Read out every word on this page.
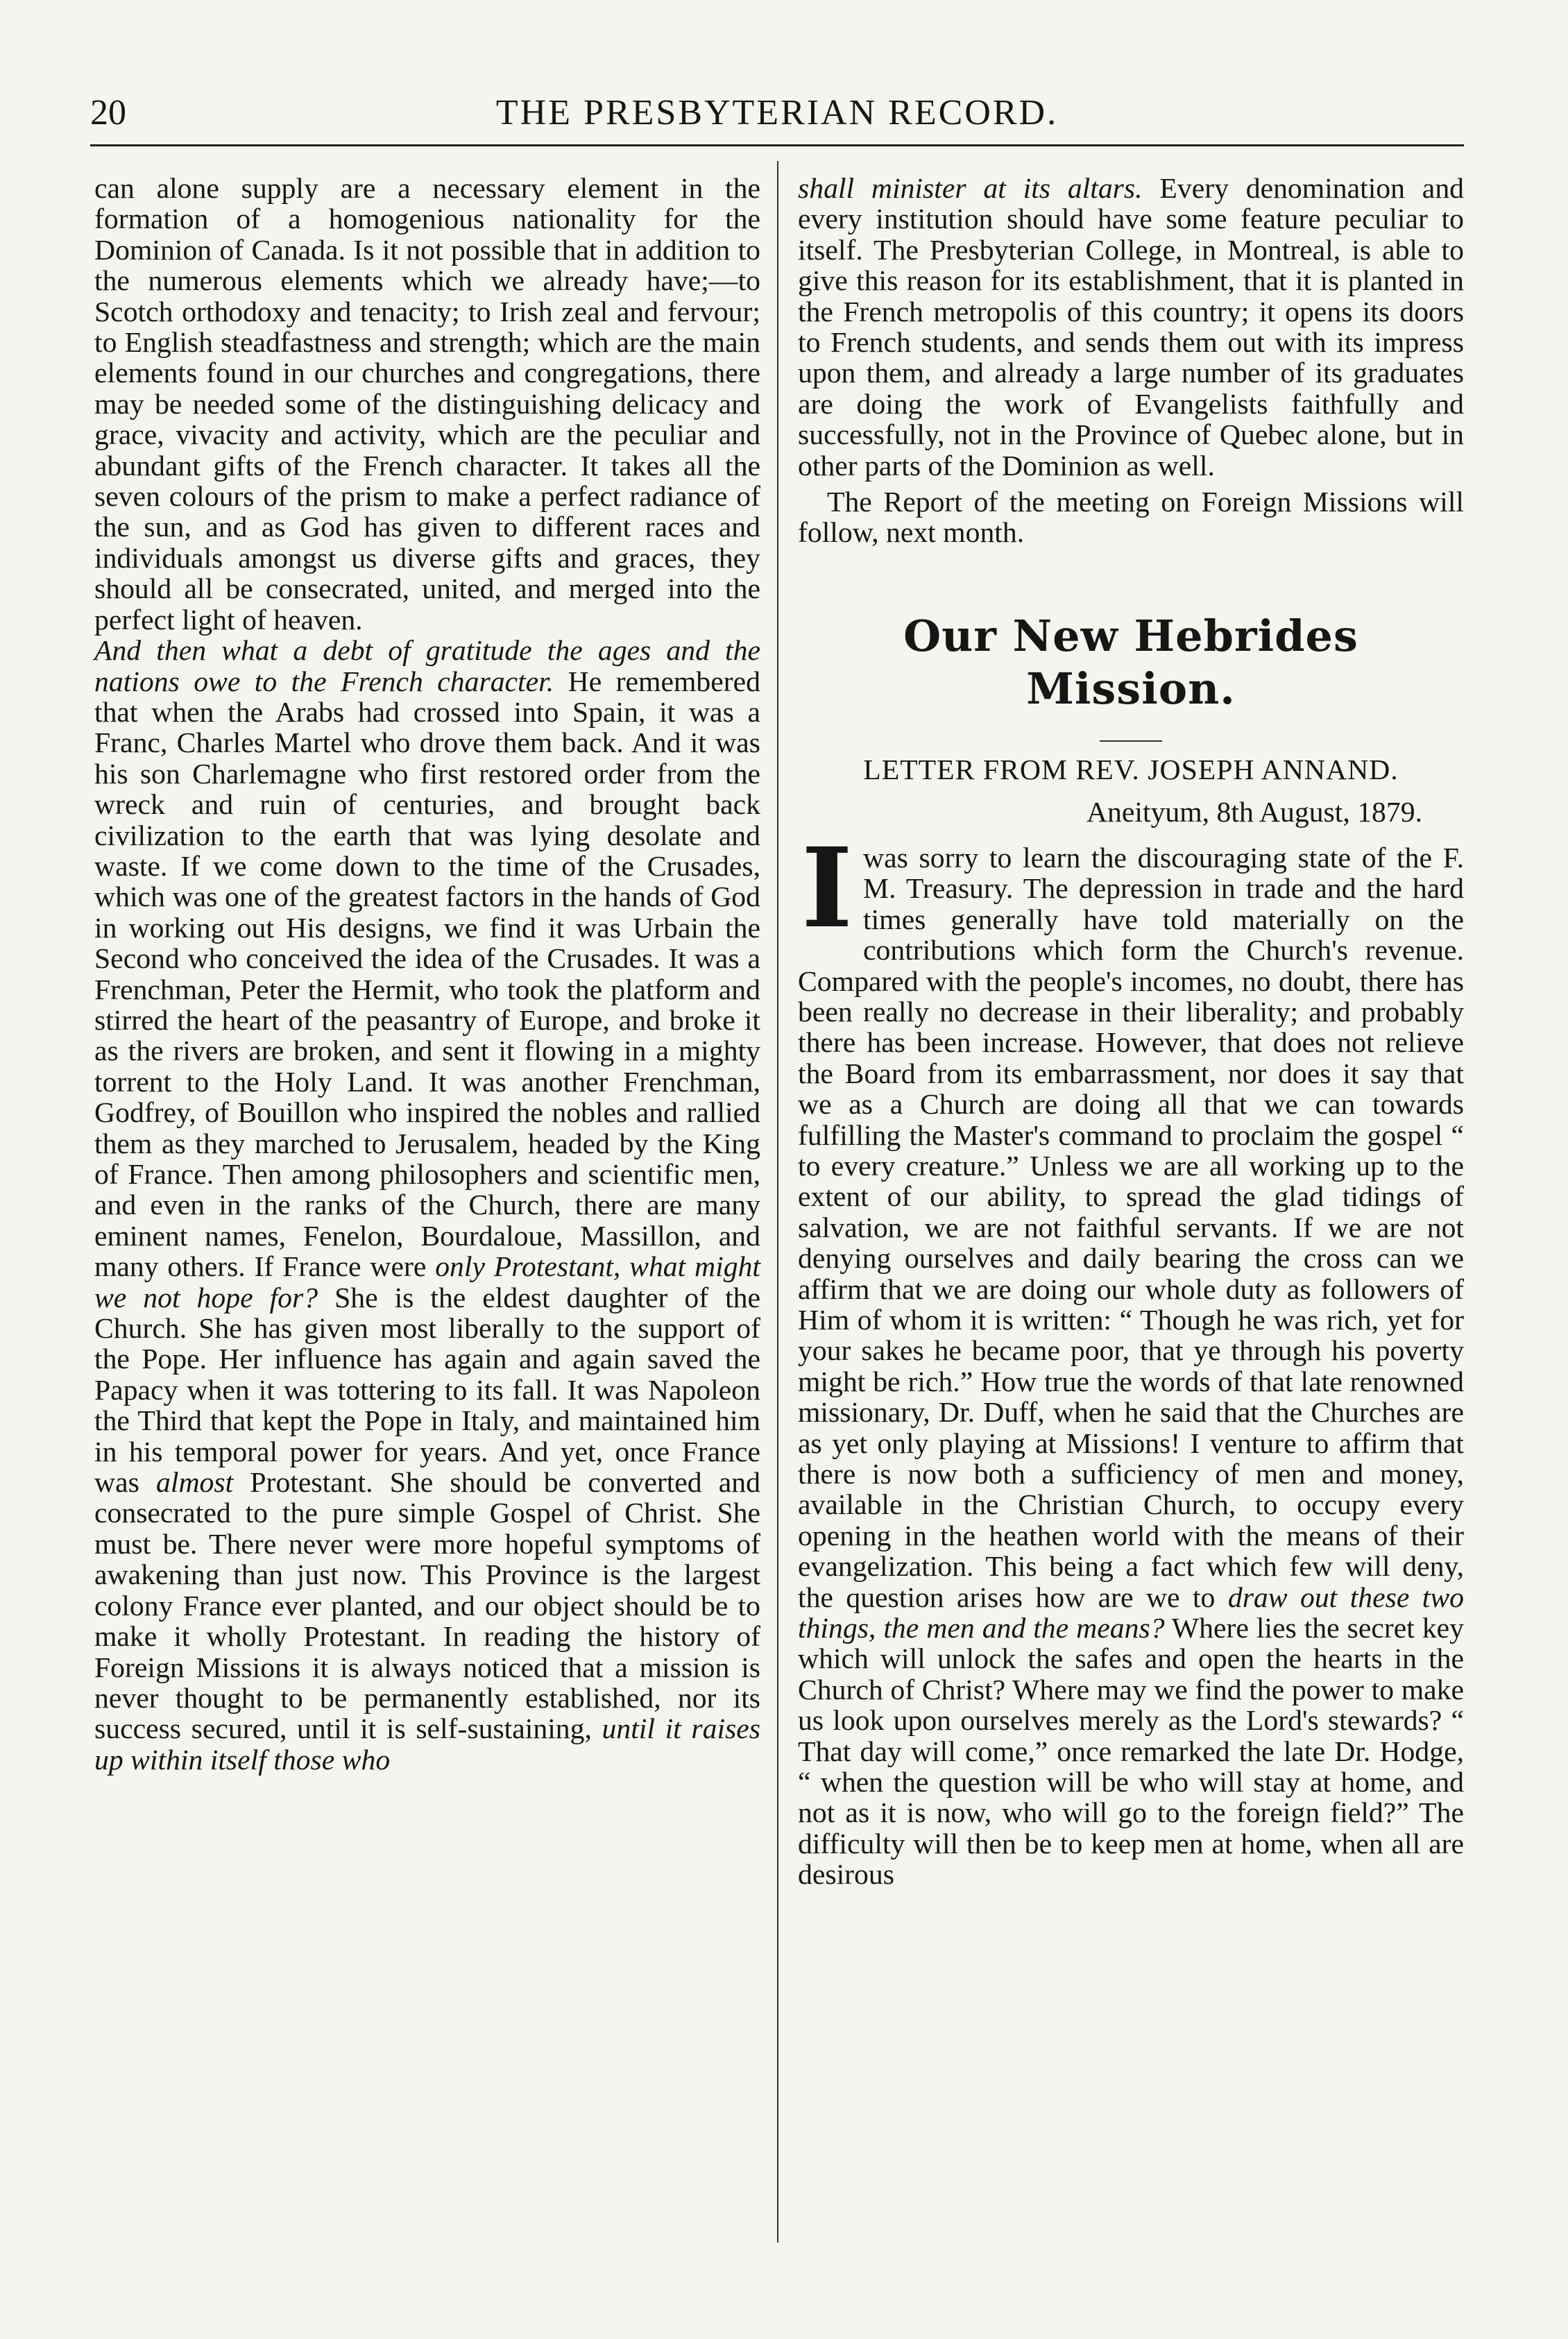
20	THE PRESBYTERIAN RECORD.

can alone supply are a necessary element in the formation of a homogenious nationality for the Dominion of Canada. Is it not possible that in addition to the numerous elements which we already have;—to Scotch orthodoxy and tenacity; to Irish zeal and fervour; to English steadfastness and strength; which are the main elements found in our churches and congregations, there may be needed some of the distinguishing delicacy and grace, vivacity and activity, which are the peculiar and abundant gifts of the French character. It takes all the seven colours of the prism to make a perfect radiance of the sun, and as God has given to different races and individuals amongst us diverse gifts and graces, they should all be consecrated, united, and merged into the perfect light of heaven.

And then what a debt of gratitude the ages and the nations owe to the French character. He remembered that when the Arabs had crossed into Spain, it was a Franc, Charles Martel who drove them back. And it was his son Charlemagne who first restored order from the wreck and ruin of centuries, and brought back civilization to the earth that was lying desolate and waste. If we come down to the time of the Crusades, which was one of the greatest factors in the hands of God in working out His designs, we find it was Urbain the Second who conceived the idea of the Crusades. It was a Frenchman, Peter the Hermit, who took the platform and stirred the heart of the peasantry of Europe, and broke it as the rivers are broken, and sent it flowing in a mighty torrent to the Holy Land. It was another Frenchman, Godfrey, of Bouillon who inspired the nobles and rallied them as they marched to Jerusalem, headed by the King of France. Then among philosophers and scientific men, and even in the ranks of the Church, there are many eminent names, Fenelon, Bourdaloue, Massillon, and many others. If France were only Protestant, what might we not hope for? She is the eldest daughter of the Church. She has given most liberally to the support of the Pope. Her influence has again and again saved the Papacy when it was tottering to its fall. It was Napoleon the Third that kept the Pope in Italy, and maintained him in his temporal power for years. And yet, once France was almost Protestant. She should be converted and consecrated to the pure simple Gospel of Christ. She must be. There never were more hopeful symptoms of awakening than just now. This Province is the largest colony France ever planted, and our object should be to make it wholly Protestant. In reading the history of Foreign Missions it is always noticed that a mission is never thought to be permanently established, nor its success secured, until it is self-sustaining, until it raises up within itself those who

shall minister at its altars. Every denomination and every institution should have some feature peculiar to itself. The Presbyterian College, in Montreal, is able to give this reason for its establishment, that it is planted in the French metropolis of this country; it opens its doors to French students, and sends them out with its impress upon them, and already a large number of its graduates are doing the work of Evangelists faithfully and successfully, not in the Province of Quebec alone, but in other parts of the Dominion as well.

The Report of the meeting on Foreign Missions will follow, next month.

Our New Hebrides Mission.
LETTER FROM REV. JOSEPH ANNAND.
Aneityum, 8th August, 1879.

I was sorry to learn the discouraging state of the F. M. Treasury. The depression in trade and the hard times generally have told materially on the contributions which form the Church's revenue. Compared with the people's incomes, no doubt, there has been really no decrease in their liberality; and probably there has been increase. However, that does not relieve the Board from its embarrassment, nor does it say that we as a Church are doing all that we can towards fulfilling the Master's command to proclaim the gospel “ to every creature.” Unless we are all working up to the extent of our ability, to spread the glad tidings of salvation, we are not faithful servants. If we are not denying ourselves and daily bearing the cross can we affirm that we are doing our whole duty as followers of Him of whom it is written: “ Though he was rich, yet for your sakes he became poor, that ye through his poverty might be rich.” How true the words of that late renowned missionary, Dr. Duff, when he said that the Churches are as yet only playing at Missions! I venture to affirm that there is now both a sufficiency of men and money, available in the Christian Church, to occupy every opening in the heathen world with the means of their evangelization. This being a fact which few will deny, the question arises how are we to draw out these two things, the men and the means? Where lies the secret key which will unlock the safes and open the hearts in the Church of Christ? Where may we find the power to make us look upon ourselves merely as the Lord's stewards? “ That day will come,” once remarked the late Dr. Hodge, “ when the question will be who will stay at home, and not as it is now, who will go to the foreign field?” The difficulty will then be to keep men at home, when all are desirous
